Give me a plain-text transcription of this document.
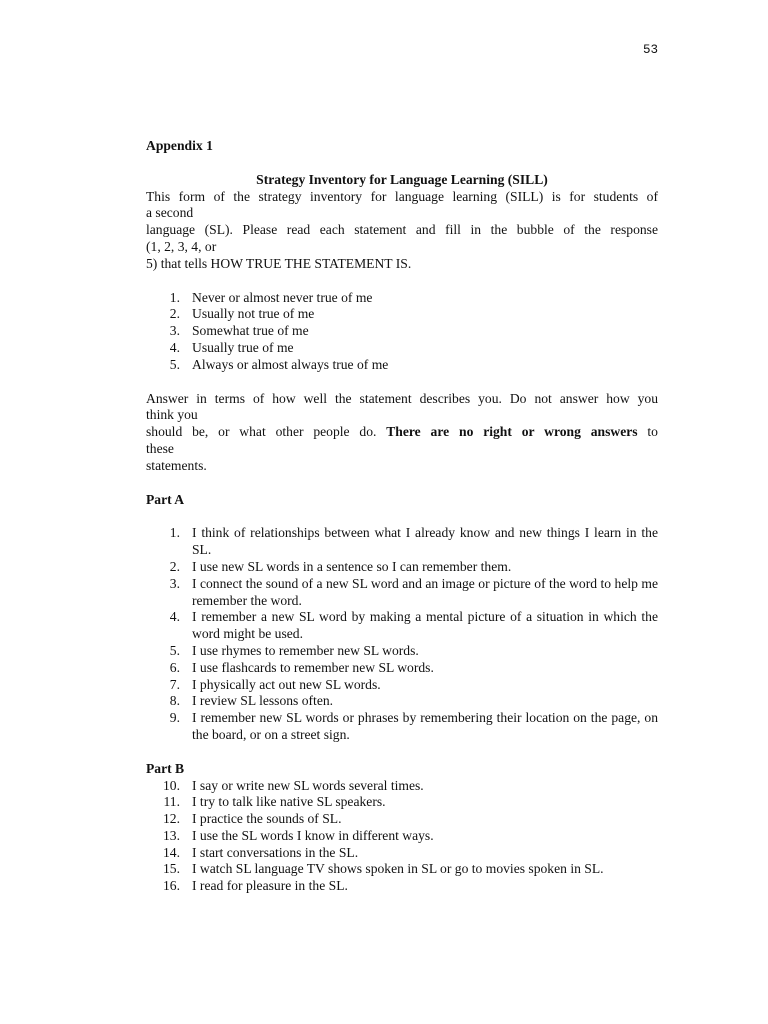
53

Appendix 1

Strategy Inventory for Language Learning (SILL)

This form of the strategy inventory for language learning (SILL) is for students of

a second

language (SL). Please read each statement and fill in the bubble of the response

(1, 2, 3, 4, or

5) that tells HOW TRUE THE STATEMENT IS.

1. Never or almost never true of me
2. Usually not true of me
3. Somewhat true of me
4. Usually true of me
5. Always or almost always true of me

Answer in terms of how well the statement describes you. Do not answer how you

think you

should be, or what other people do. There are no right or wrong answers to

these

statements.

Part A

1. I think of relationships between what I already know and new things I learn in the SL.
2. I use new SL words in a sentence so I can remember them.
3. I connect the sound of a new SL word and an image or picture of the word to help me remember the word.
4. I remember a new SL word by making a mental picture of a situation in which the word might be used.
5. I use rhymes to remember new SL words.
6. I use flashcards to remember new SL words.
7. I physically act out new SL words.
8. I review SL lessons often.
9. I remember new SL words or phrases by remembering their location on the page, on the board, or on a street sign.

Part B

10. I say or write new SL words several times.
11. I try to talk like native SL speakers.
12. I practice the sounds of SL.
13. I use the SL words I know in different ways.
14. I start conversations in the SL.
15. I watch SL language TV shows spoken in SL or go to movies spoken in SL.
16. I read for pleasure in the SL.
